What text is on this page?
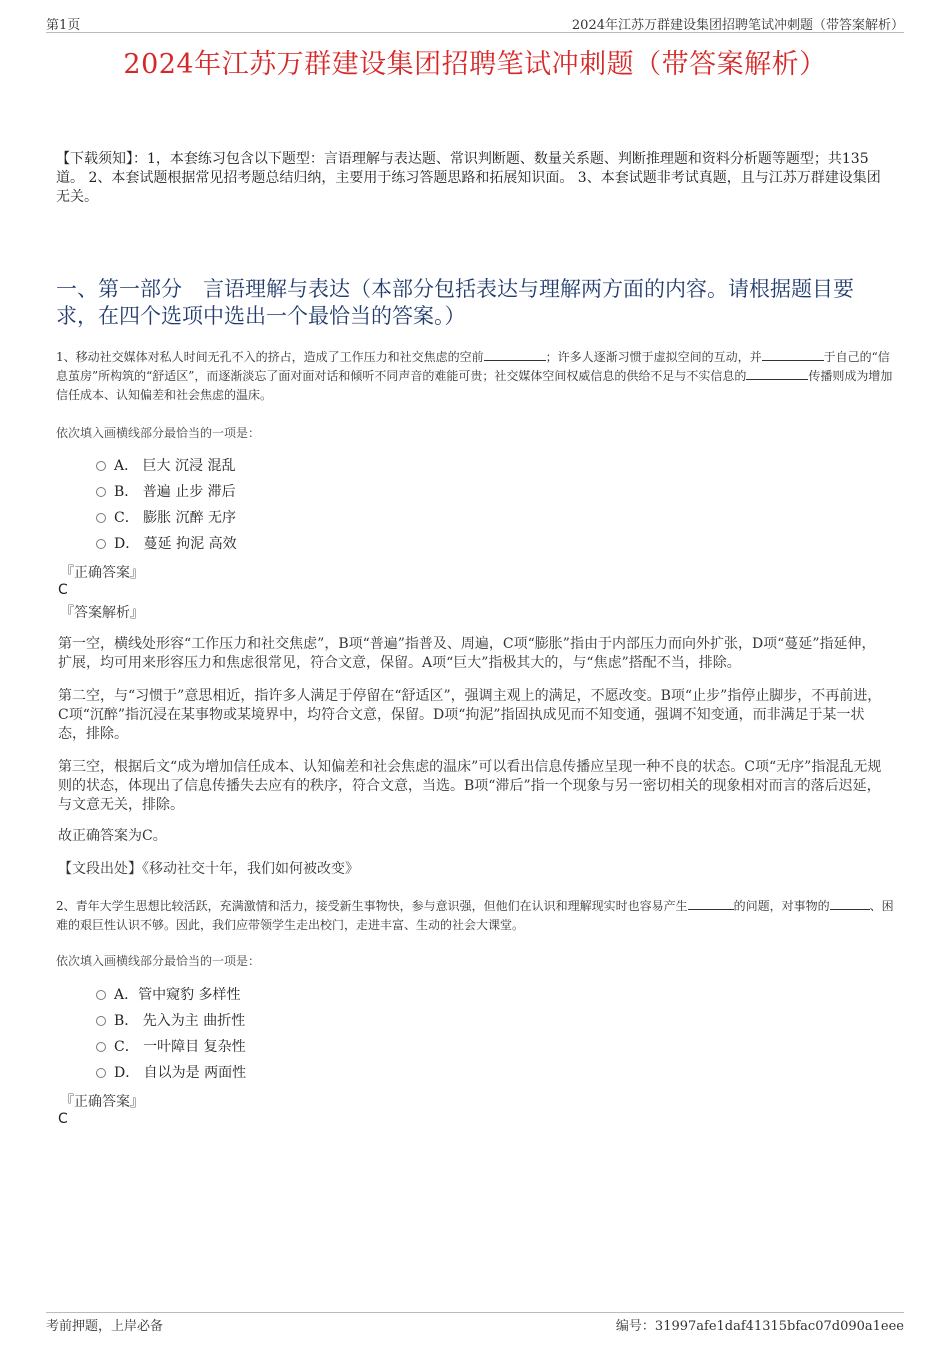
第1页	2024年江苏万群建设集团招聘笔试冲刺题（带答案解析）
2024年江苏万群建设集团招聘笔试冲刺题（带答案解析）
【下载须知】：1，本套练习包含以下题型：言语理解与表达题、常识判断题、数量关系题、判断推理题和资料分析题等题型；共135道。 2、本套试题根据常见招考题总结归纳，主要用于练习答题思路和拓展知识面。 3、本套试题非考试真题，且与江苏万群建设集团无关。
一、第一部分　言语理解与表达（本部分包括表达与理解两方面的内容。请根据题目要求，在四个选项中选出一个最恰当的答案。）
1、移动社交媒体对私人时间无孔不入的挤占，造成了工作压力和社交焦虑的空前	；许多人逐渐习惯于虚拟空间的互动，并	于自己的“信息茧房”所构筑的“舒适区”，而逐渐淡忘了面对面对话和倾听不同声音的难能可贵；社交媒体空间权威信息的供给不足与不实信息的	传播则成为增加信任成本、认知偏差和社会焦虑的温床。
依次填入画横线部分最恰当的一项是：
A． 巨大 沉浸 混乱
B． 普遍 止步 滞后
C． 膨胀 沉醉 无序
D． 蔓延 拘泥 高效
『正确答案』
C
『答案解析』
第一空，横线处形容“工作压力和社交焦虑”，B项“普遍”指普及、周遍，C项“膨胀”指由于内部压力而向外扩张，D项“蔓延”指延伸，扩展，均可用来形容压力和焦虑很常见，符合文意，保留。A项“巨大”指极其大的，与“焦虑”搭配不当，排除。
第二空，与“习惯于”意思相近，指许多人满足于停留在“舒适区”，强调主观上的满足，不愿改变。B项“止步”指停止脚步，不再前进，C项“沉醉”指沉浸在某事物或某境界中，均符合文意，保留。D项“拘泥”指固执成见而不知变通，强调不知变通，而非满足于某一状态，排除。
第三空，根据后文“成为增加信任成本、认知偏差和社会焦虑的温床”可以看出信息传播应呈现一种不良的状态。C项“无序”指混乱无规则的状态，体现出了信息传播失去应有的秩序，符合文意，当选。B项“滞后”指一个现象与另一密切相关的现象相对而言的落后迟延，与文意无关，排除。
故正确答案为C。
【文段出处】《移动社交十年，我们如何被改变》
2、青年大学生思想比较活跃，充满激情和活力，接受新生事物快，参与意识强，但他们在认识和理解现实时也容易产生	的问题，对事物的	、困难的艰巨性认识不够。因此，我们应带领学生走出校门，走进丰富、生动的社会大课堂。
依次填入画横线部分最恰当的一项是：
A．管中窥豹 多样性
B． 先入为主 曲折性
C． 一叶障目 复杂性
D． 自以为是 两面性
『正确答案』
C
考前押题，上岸必备	编号：31997afe1daf41315bfac07d090a1eee
